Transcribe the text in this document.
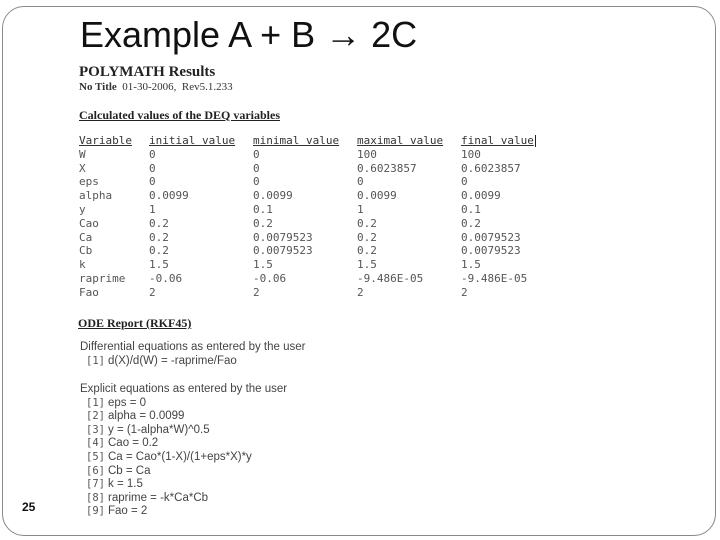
Example A + B → 2C
POLYMATH Results
No Title 01-30-2006, Rev5.1.233
Calculated values of the DEQ variables
Variable	initial value	minimal value	maximal value	final value
W	0	0	100	100
X	0	0	0.6023857	0.6023857
eps	0	0	0	0
alpha	0.0099	0.0099	0.0099	0.0099
y	1	0.1	1	0.1
Cao	0.2	0.2	0.2	0.2
Ca	0.2	0.0079523	0.2	0.0079523
Cb	0.2	0.0079523	0.2	0.0079523
k	1.5	1.5	1.5	1.5
raprime	-0.06	-0.06	-9.486E-05	-9.486E-05
Fao	2	2	2	2
ODE Report (RKF45)
Differential equations as entered by the user
[1] d(X)/d(W) = -raprime/Fao
Explicit equations as entered by the user
[1] eps = 0
[2] alpha = 0.0099
[3] y = (1-alpha*W)^0.5
[4] Cao = 0.2
[5] Ca = Cao*(1-X)/(1+eps*X)*y
[6] Cb = Ca
[7] k = 1.5
[8] raprime = -k*Ca*Cb
[9] Fao = 2
25
